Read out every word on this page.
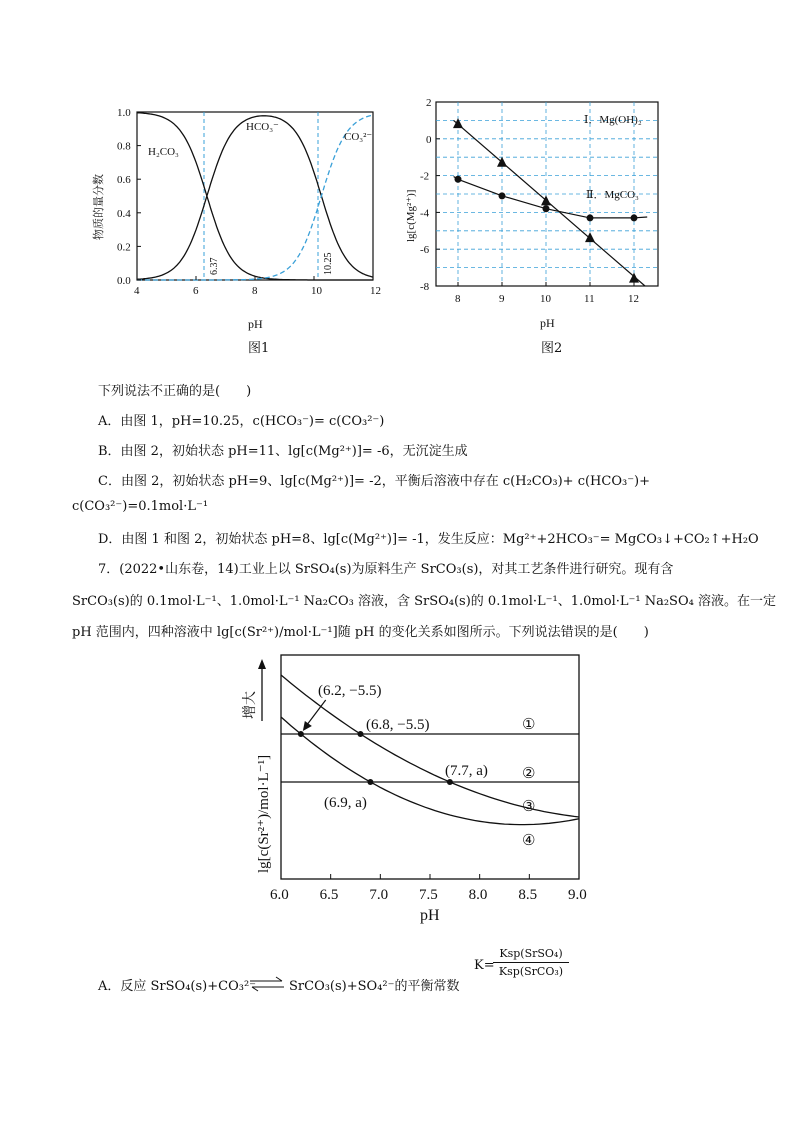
4	6	8	10	12
0.0
0.2
0.4
0.6
0.8
1.0
物质的量分数
pH
H₂CO₃
HCO₃⁻
CO₃²⁻
6.37	10.25
图1
8	9	10	11	12
2
0
-2
-4
-6
-8
lg[c(Mg²⁺)]
pH
Ⅰ．Mg(OH)₂
Ⅱ．MgCO₃
图2
下列说法不正确的是(　　)
A．由图 1，pH=10.25，c(HCO₃⁻)= c(CO₃²⁻)
B．由图 2，初始状态 pH=11、lg[c(Mg²⁺)]= -6，无沉淀生成
C．由图 2，初始状态 pH=9、lg[c(Mg²⁺)]= -2，平衡后溶液中存在 c(H₂CO₃)+ c(HCO₃⁻)+
c(CO₃²⁻)=0.1mol·L⁻¹
D．由图 1 和图 2，初始状态 pH=8、lg[c(Mg²⁺)]= -1，发生反应：Mg²⁺+2HCO₃⁻= MgCO₃↓+CO₂↑+H₂O
7．(2022•山东卷，14)工业上以 SrSO₄(s)为原料生产 SrCO₃(s)，对其工艺条件进行研究。现有含
SrCO₃(s)的 0.1mol·L⁻¹、1.0mol·L⁻¹ Na₂CO₃ 溶液，含 SrSO₄(s)的 0.1mol·L⁻¹、1.0mol·L⁻¹ Na₂SO₄ 溶液。在一定
pH 范围内，四种溶液中 lg[c(Sr²⁺)/mol·L⁻¹]随 pH 的变化关系如图所示。下列说法错误的是(　　)
6.0 6.5 7.0 7.5 8.0 8.5 9.0
lg[c(Sr²⁺)/mol·L⁻¹]
增大
pH
(6.2, −5.5)
(6.8, −5.5)
(7.7, a)
(6.9, a)
①
②
③
④
A．反应 SrSO₄(s)+CO₃²⁻ ⇌ SrCO₃(s)+SO₄²⁻的平衡常数
K=
Ksp(SrSO₄)
Ksp(SrCO₃)
